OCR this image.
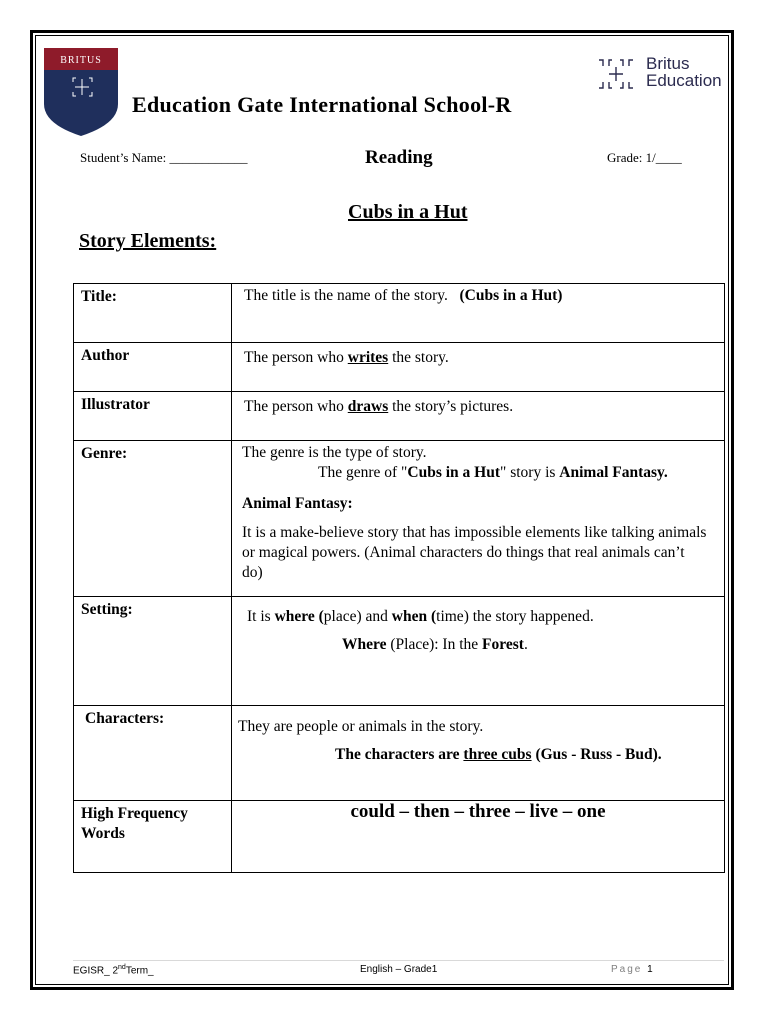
BRITUS
Education Gate International School-R
Britus
Education
Student’s Name: ____________	Reading	Grade: 1/____
Cubs in a Hut
Story Elements:
Title:	The title is the name of the story. (Cubs in a Hut)

Author	The person who writes the story.

Illustrator	The person who draws the story’s pictures.

Genre:	The genre is the type of story.
The genre of "Cubs in a Hut" story is Animal Fantasy.
Animal Fantasy:
It is a make-believe story that has impossible elements like talking animals or magical powers. (Animal characters do things that real animals can’t do)

Setting:	It is where (place) and when (time) the story happened.
Where (Place): In the Forest.

Characters:	They are people or animals in the story.
The characters are three cubs (Gus - Russ - Bud).

High Frequency Words	could – then – three – live – one
EGISR_ 2ndTerm_	English – Grade1	Page 1
